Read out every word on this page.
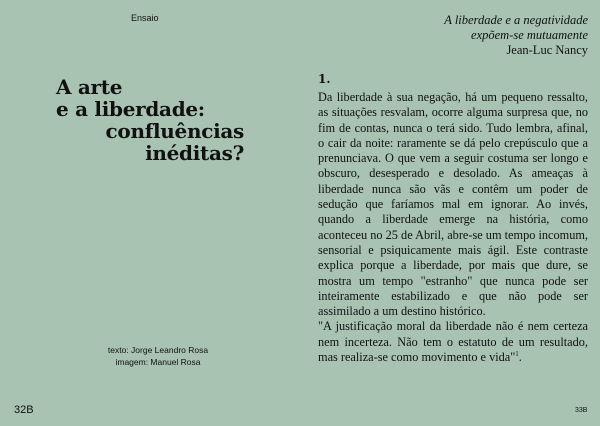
Ensaio
A arte
e a liberdade:
confluências
inéditas?
texto: Jorge Leandro Rosa
imagem: Manuel Rosa
32B
A liberdade e a negatividade
expõem-se mutuamente
Jean-Luc Nancy
1.

Da liberdade à sua negação, há um pequeno ressalto, as situações resvalam, ocorre alguma surpresa que, no fim de contas, nunca o terá sido. Tudo lembra, afinal, o cair da noite: raramente se dá pelo crepúsculo que a prenunciava. O que vem a seguir costuma ser longo e obscuro, desesperado e desolado. As ameaças à liberdade nunca são vãs e contêm um poder de sedução que faríamos mal em ignorar. Ao invés, quando a liberdade emerge na história, como aconteceu no 25 de Abril, abre-se um tempo incomum, sensorial e psiquicamente mais ágil. Este contraste explica porque a liberdade, por mais que dure, se mostra um tempo "estranho" que nunca pode ser inteiramente estabilizado e que não pode ser assimilado a um destino histórico.

"A justificação moral da liberdade não é nem certeza nem incerteza. Não tem o estatuto de um resultado, mas realiza-se como movimento e vida"$^1$.

33B
